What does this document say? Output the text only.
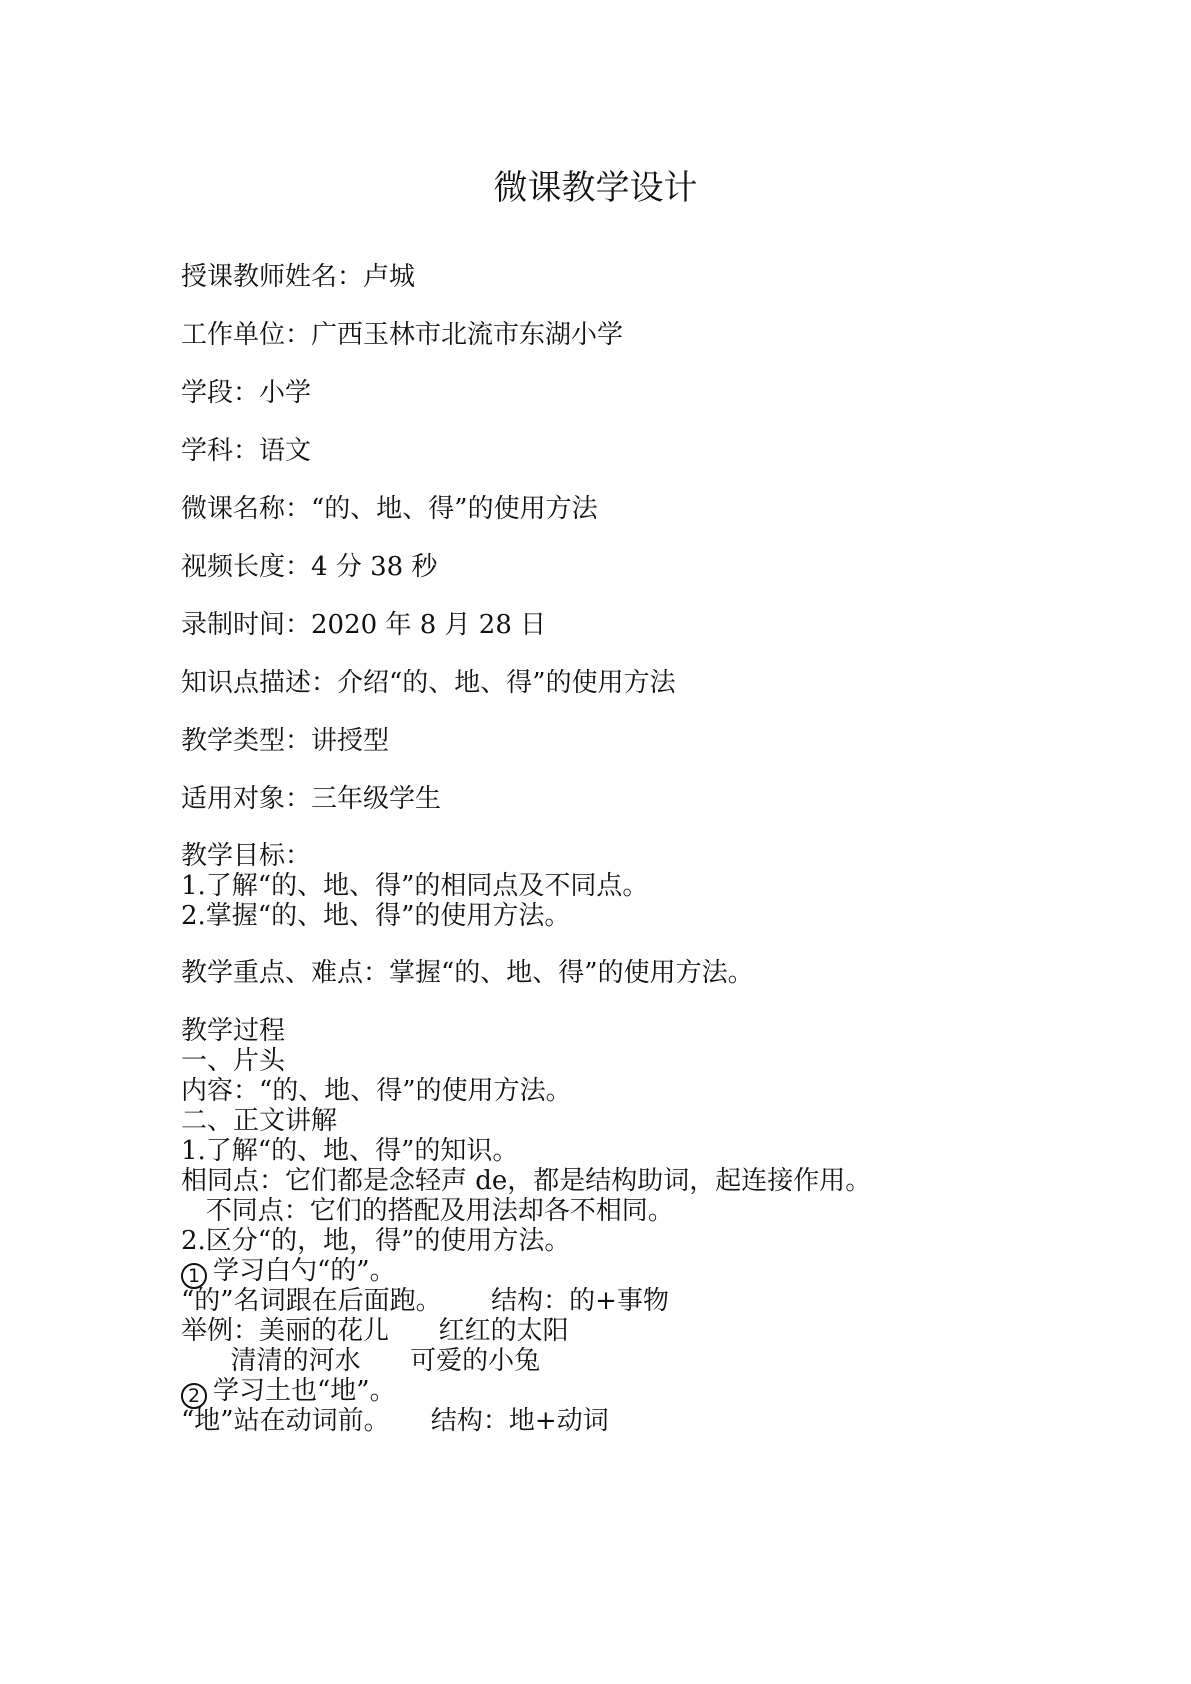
微课教学设计
授课教师姓名：卢城
工作单位：广西玉林市北流市东湖小学
学段：小学
学科：语文
微课名称：“的、地、得”的使用方法
视频长度：4 分 38 秒
录制时间：2020 年 8 月 28 日
知识点描述：介绍“的、地、得”的使用方法
教学类型：讲授型
适用对象：三年级学生
教学目标：
1.了解“的、地、得”的相同点及不同点。
2.掌握“的、地、得”的使用方法。
教学重点、难点：掌握“的、地、得”的使用方法。
教学过程
一、片头
内容：“的、地、得”的使用方法。
二、正文讲解
1.了解“的、地、得”的知识。
相同点：它们都是念轻声 de，都是结构助词，起连接作用。
不同点：它们的搭配及用法却各不相同。
2.区分“的，地，得”的使用方法。
1 学习白勺“的”。
“的”名词跟在后面跑。      结构：的+事物
举例：美丽的花儿      红红的太阳
清清的河水      可爱的小兔
2 学习土也“地”。
“地”站在动词前。     结构：地+动词
